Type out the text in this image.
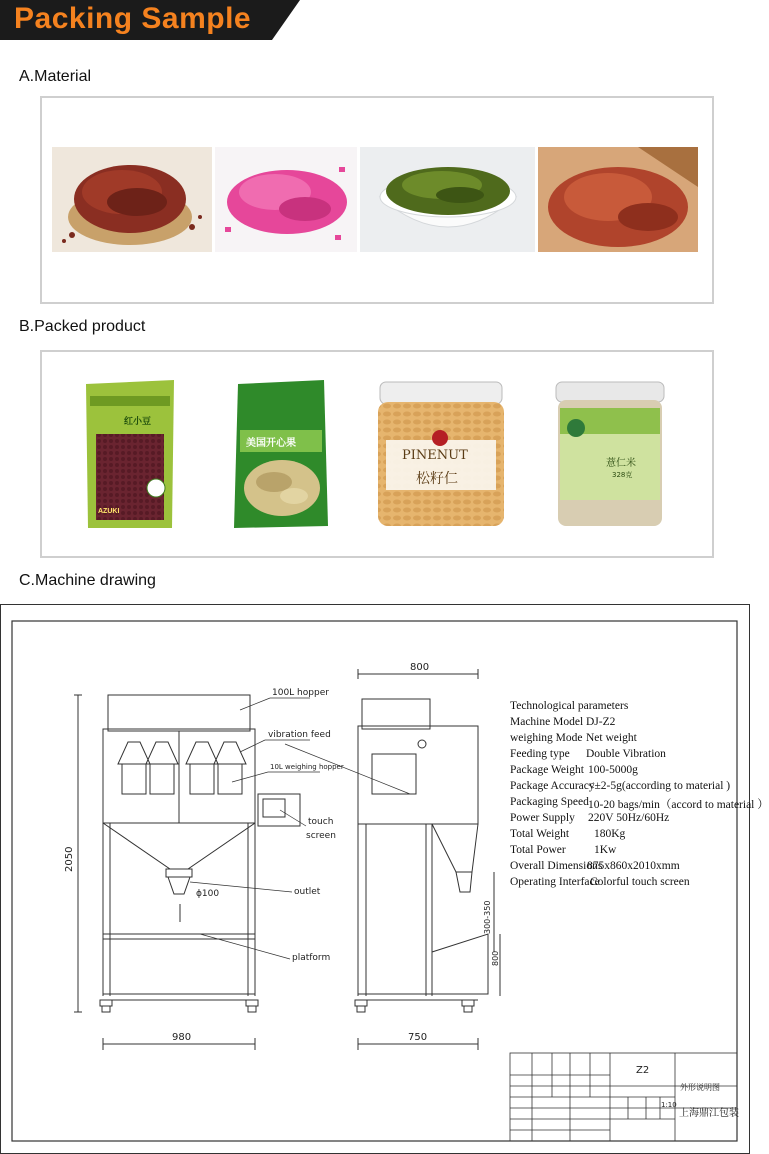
Packing Sample
A.Material
B.Packed product
红小豆
AZUKI
美国开心果
PINENUT
松籽仁
薏仁米
328克
C.Machine drawing
100L hopper
vibration feed
10L weighing hopper
touch
screen
outlet
platform
ϕ100
2050
980
800
750
300-350
800
Z2
外形说明图
上海鼎江包装
1:10
Technological parameters
Machine Model DJ-Z2
weighing Mode Net weight
Feeding type Double Vibration
Package Weight 100-5000g
Package Accuracy
<±2-5g(according to material )
Packaging Speed 10-20 bags/min（accord to material ）
Power Supply 220V 50Hz/60Hz
Total Weight 180Kg
Total Power 1Kw
Overall Dimensions
875x860x2010xmm
Operating Interface
Colorful touch screen
